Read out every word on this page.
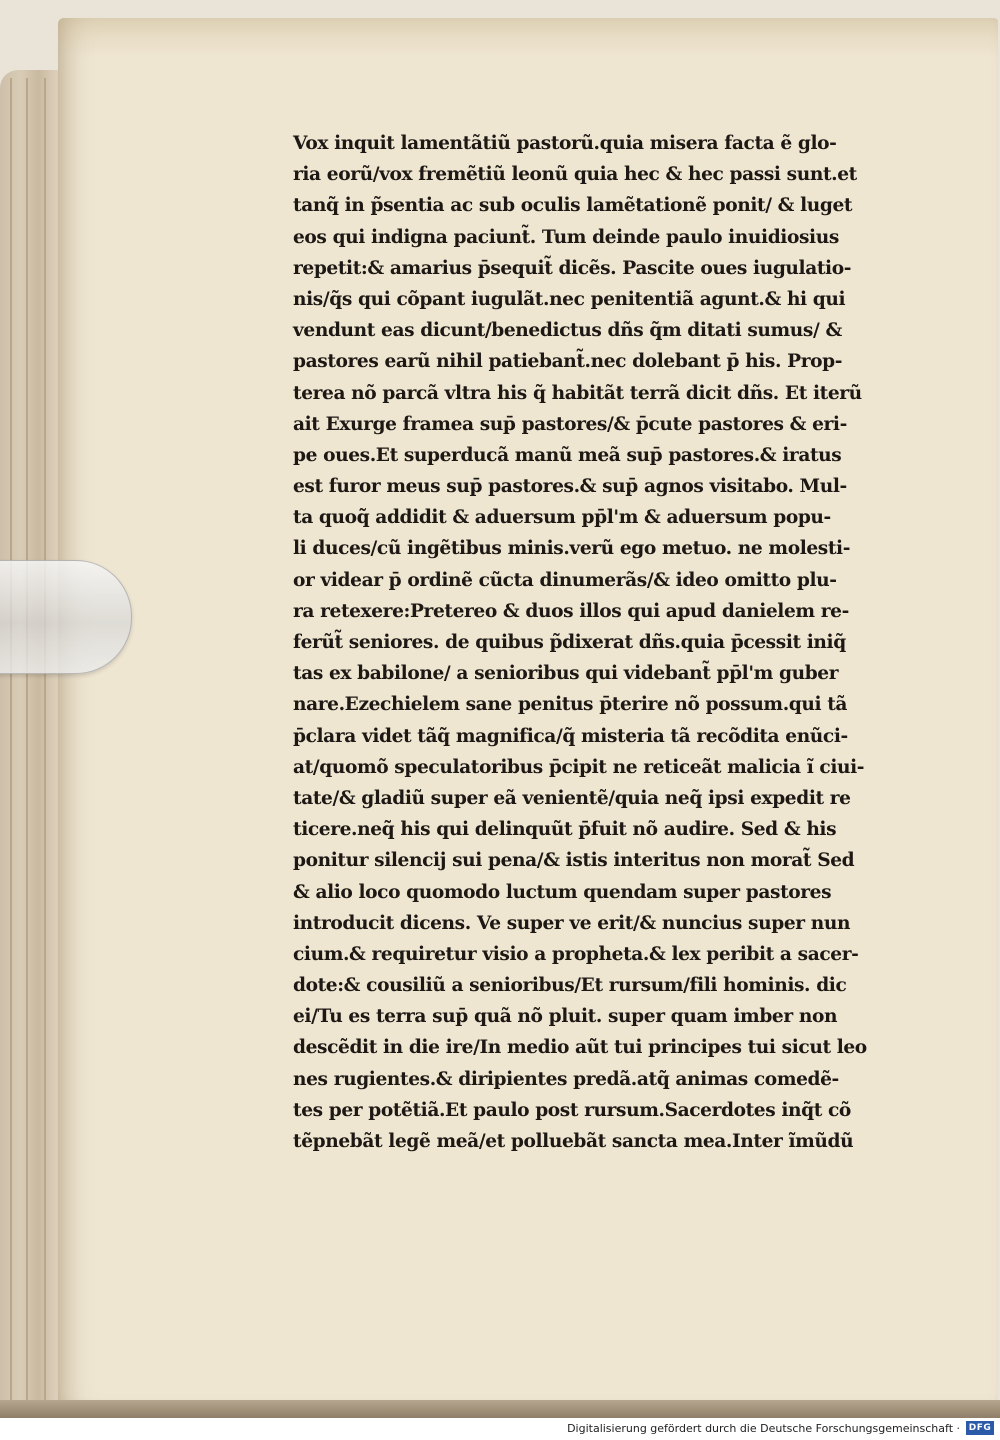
Vox inquit lamentãtiũ pastorũ.quia misera facta ẽ glo-
ria eorũ/vox fremẽtiũ leonũ quia hec & hec passi sunt.et
tanq̃ in p̃sentia ac sub oculis lamẽtationẽ ponit/ & luget
eos qui indigna paciunt̃. Tum deinde paulo inuidiosius
repetit:& amarius p̄sequit̃ dicẽs. Pascite oues iugulatio-
nis/q̃s qui cõpant iugulãt.nec penitentiã agunt.& hi qui
vendunt eas dicunt/benedictus dñs q̃m ditati sumus/ &
pastores earũ nihil patiebant̃.nec dolebant p̄ his. Prop-
terea nõ parcã vltra his q̃ habitãt terrã dicit dñs. Et iterũ
ait Exurge framea sup̄ pastores/& p̄cute pastores & eri-
pe oues.Et superducã manũ meã sup̄ pastores.& iratus
est furor meus sup̄ pastores.& sup̄ agnos visitabo. Mul-
ta quoq̃ addidit & aduersum pp̄l'm & aduersum popu-
li duces/cũ ingẽtibus minis.verũ ego metuo. ne molesti-
or videar p̄ ordinẽ cũcta dinumerãs/& ideo omitto plu-
ra retexere:Pretereo & duos illos qui apud danielem re-
ferũt̃ seniores. de quibus p̃dixerat dñs.quia p̄cessit iniq̃
tas ex babilone/ a senioribus qui videbant̃ pp̄l'm guber
nare.Ezechielem sane penitus p̄terire nõ possum.qui tã
p̄clara videt tãq̃ magnifica/q̃ misteria tã recõdita enũci-
at/quomõ speculatoribus p̄cipit ne reticeãt malicia ĩ ciui-
tate/& gladiũ super eã venientẽ/quia neq̃ ipsi expedit re
ticere.neq̃ his qui delinquũt p̄fuit nõ audire. Sed & his
ponitur silencij sui pena/& istis interitus non morat̃ Sed
& alio loco quomodo luctum quendam super pastores
introducit dicens. Ve super ve erit/& nuncius super nun
cium.& requiretur visio a propheta.& lex peribit a sacer-
dote:& cousiliũ a senioribus/Et rursum/fili hominis. dic
ei/Tu es terra sup̄ quã nõ pluit. super quam imber non
descẽdit in die ire/In medio aũt tui principes tui sicut leo
nes rugientes.& diripientes predã.atq̃ animas comedẽ-
tes per potẽtiã.Et paulo post rursum.Sacerdotes inq̃t cõ
tẽpnebãt legẽ meã/et polluebãt sancta mea.Inter ĩmũdũ
Digitalisierung gefördert durch die Deutsche Forschungsgemeinschaft · DFG
